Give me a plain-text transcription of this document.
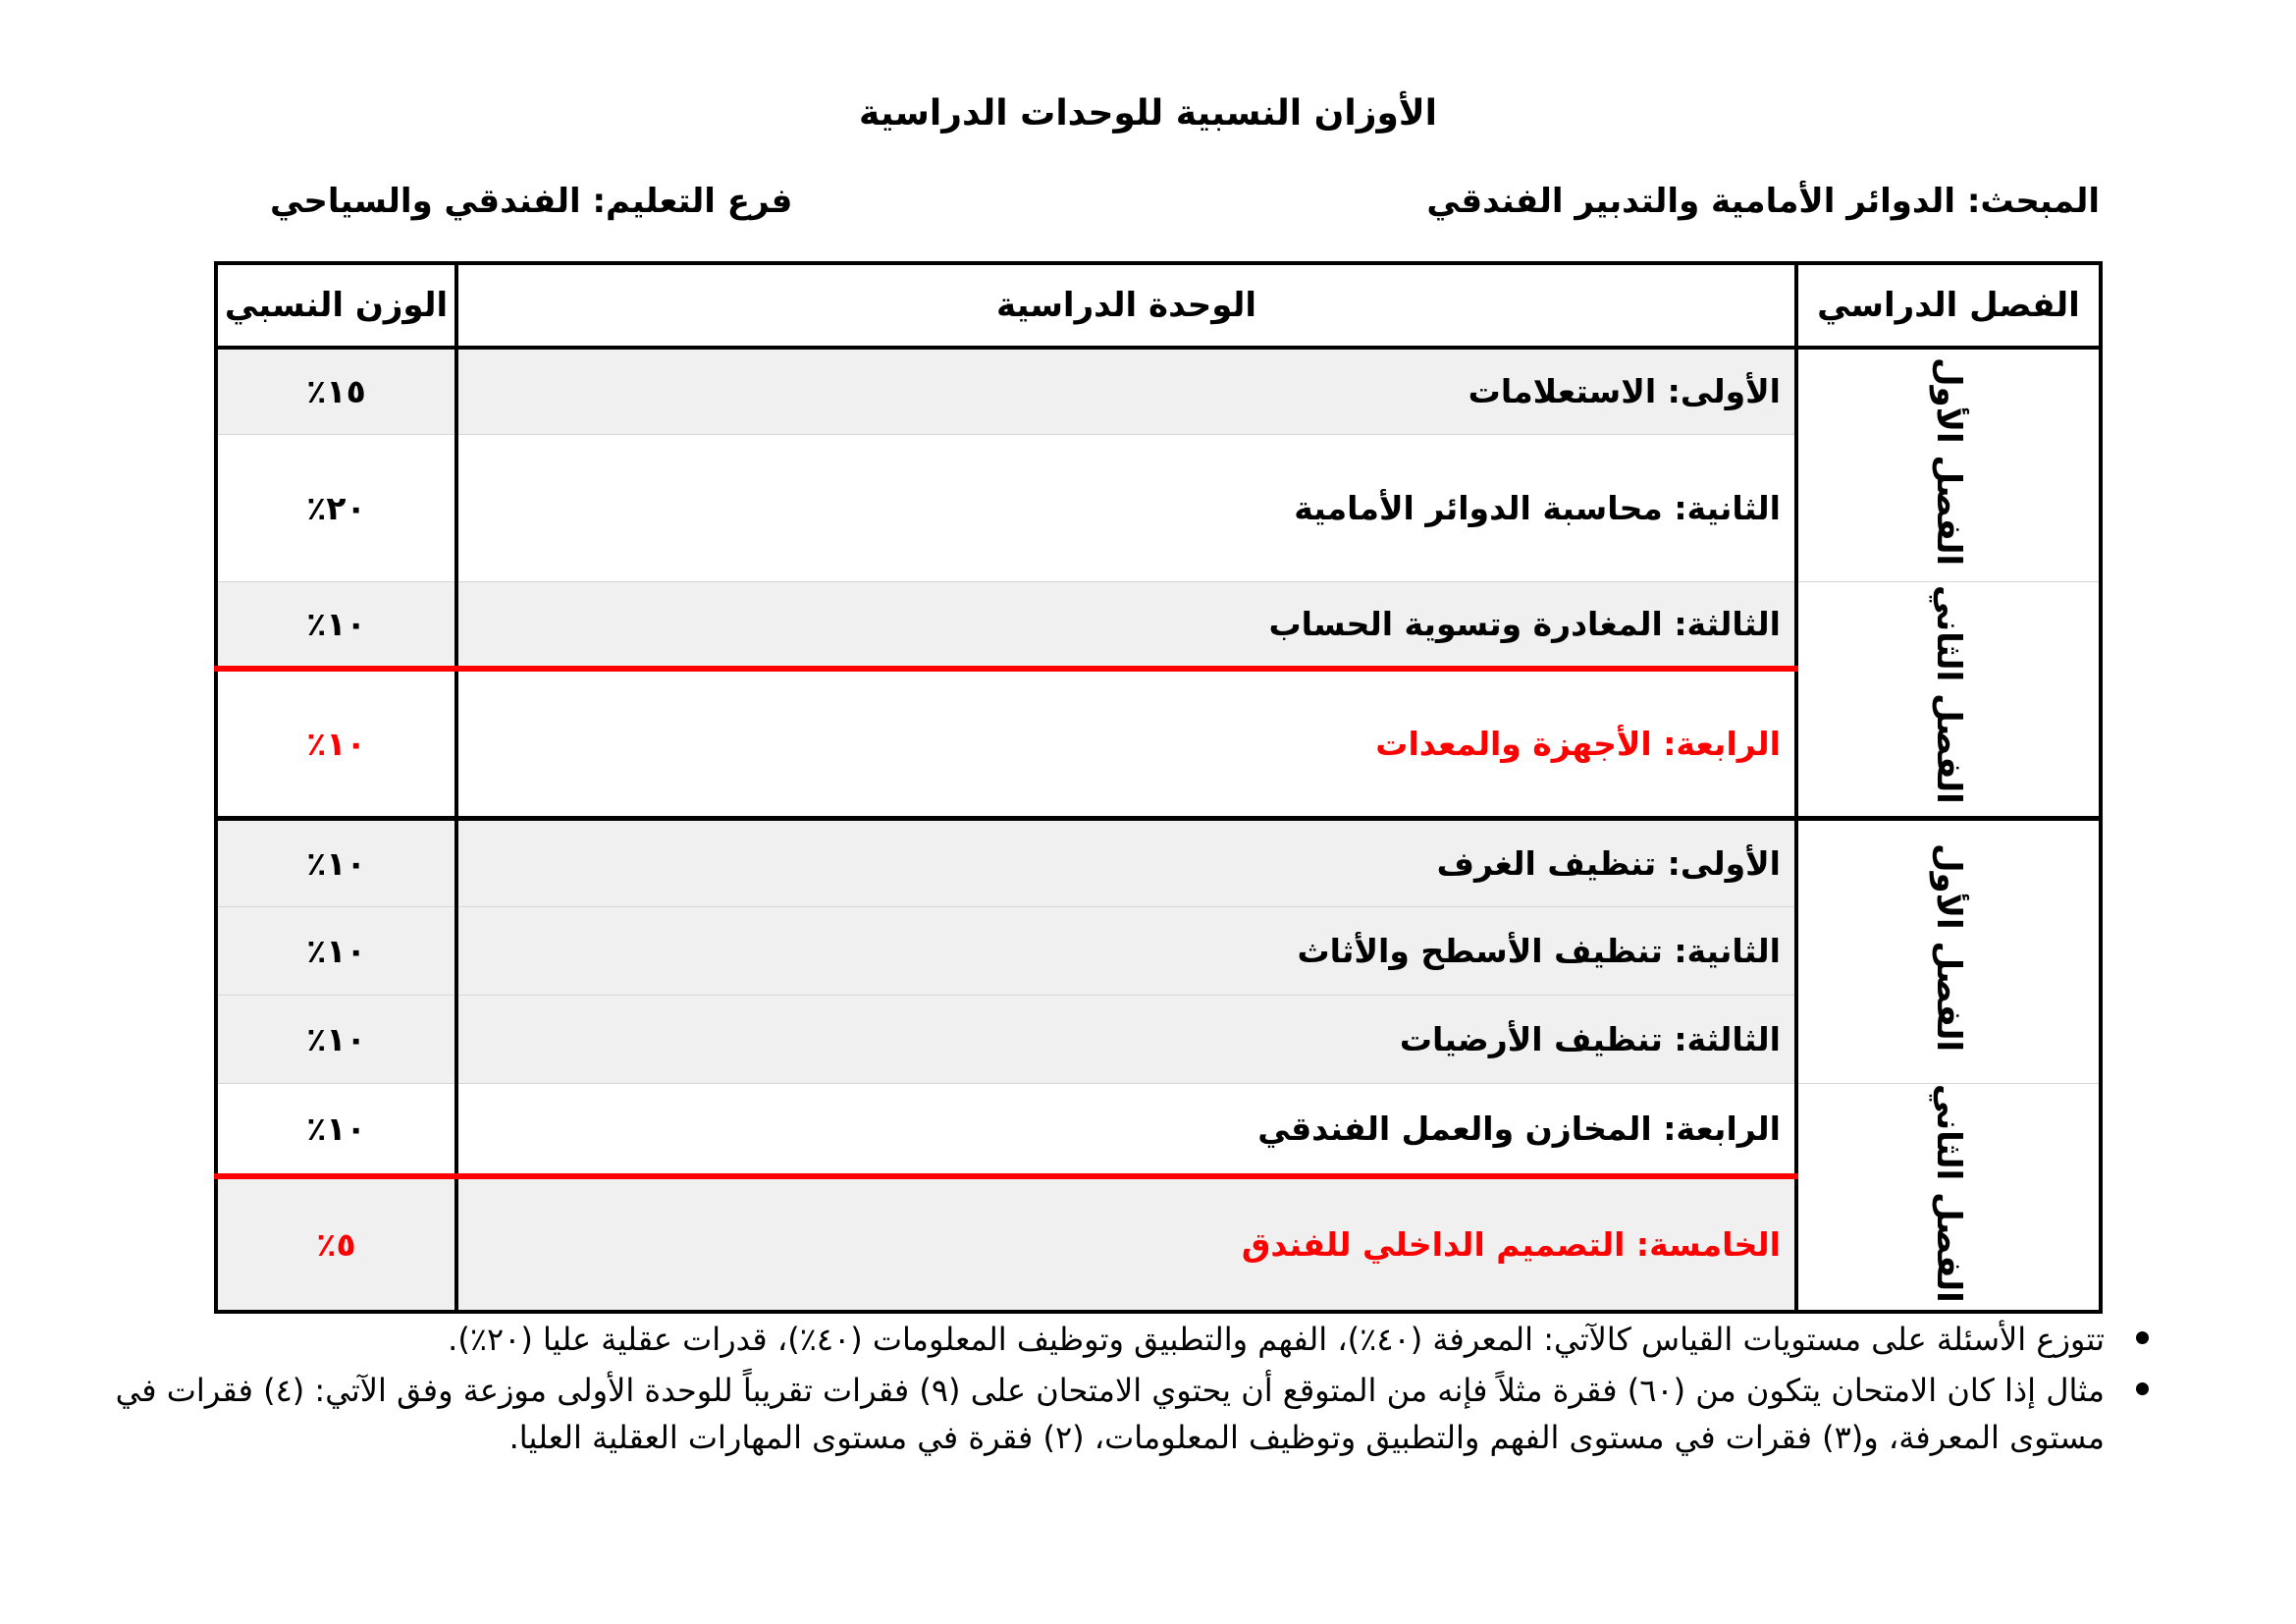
الأوزان النسبية للوحدات الدراسية
المبحث: الدوائر الأمامية والتدبير الفندقي
فرع التعليم: الفندقي والسياحي
الفصل الدراسي	الوحدة الدراسية	الوزن النسبي
الفصل الأول	الأولى: الاستعلامات	١٥٪
	الثانية: محاسبة الدوائر الأمامية	٢٠٪
الفصل الثاني	الثالثة: المغادرة وتسوية الحساب	١٠٪
	الرابعة: الأجهزة والمعدات	١٠٪
الفصل الأول	الأولى: تنظيف الغرف	١٠٪
	الثانية: تنظيف الأسطح والأثاث	١٠٪
	الثالثة: تنظيف الأرضيات	١٠٪
الفصل الثاني	الرابعة: المخازن والعمل الفندقي	١٠٪
	الخامسة: التصميم الداخلي للفندق	٥٪
تتوزع الأسئلة على مستويات القياس كالآتي: المعرفة (٤٠٪)، الفهم والتطبيق وتوظيف المعلومات (٤٠٪)، قدرات عقلية عليا (٢٠٪).
مثال إذا كان الامتحان يتكون من (٦٠) فقرة مثلاً فإنه من المتوقع أن يحتوي الامتحان على (٩) فقرات تقريباً للوحدة الأولى موزعة وفق الآتي: (٤) فقرات في مستوى المعرفة، و(٣) فقرات في مستوى الفهم والتطبيق وتوظيف المعلومات، (٢) فقرة في مستوى المهارات العقلية العليا.
